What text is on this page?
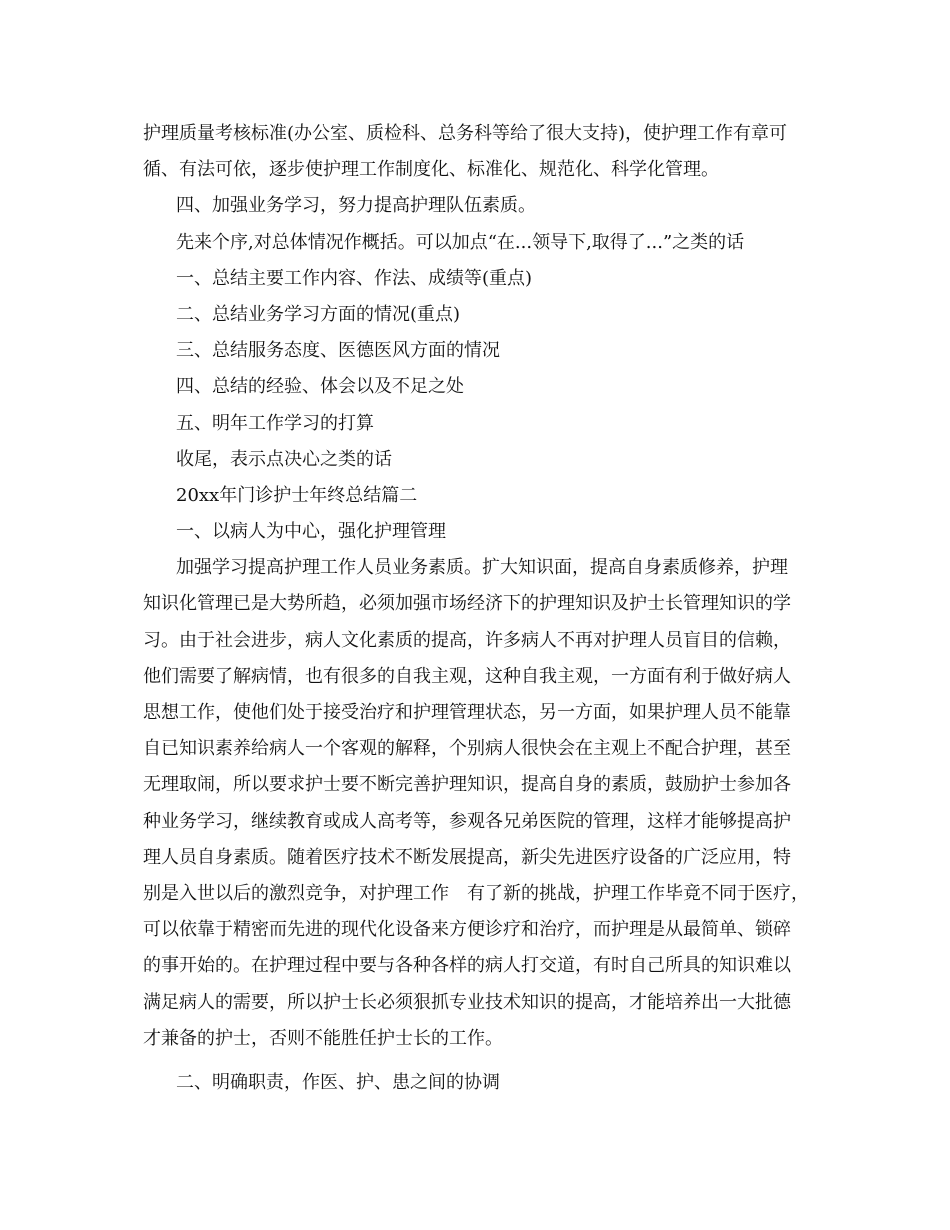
护理质量考核标准(办公室、质检科、总务科等给了很大支持)，使护理工作有章可
循、有法可依，逐步使护理工作制度化、标准化、规范化、科学化管理。
四、加强业务学习，努力提高护理队伍素质。
先来个序,对总体情况作概括。可以加点“在...领导下,取得了...”之类的话
一、总结主要工作内容、作法、成绩等(重点)
二、总结业务学习方面的情况(重点)
三、总结服务态度、医德医风方面的情况
四、总结的经验、体会以及不足之处
五、明年工作学习的打算
收尾，表示点决心之类的话
20xx年门诊护士年终总结篇二
一、以病人为中心，强化护理管理
加强学习提高护理工作人员业务素质。扩大知识面，提高自身素质修养，护理
知识化管理已是大势所趋，必须加强市场经济下的护理知识及护士长管理知识的学
习。由于社会进步，病人文化素质的提高，许多病人不再对护理人员盲目的信赖，
他们需要了解病情，也有很多的自我主观，这种自我主观，一方面有利于做好病人
思想工作，使他们处于接受治疗和护理管理状态，另一方面，如果护理人员不能靠
自已知识素养给病人一个客观的解释，个别病人很快会在主观上不配合护理，甚至
无理取闹，所以要求护士要不断完善护理知识，提高自身的素质，鼓励护士参加各
种业务学习，继续教育或成人高考等，参观各兄弟医院的管理，这样才能够提高护
理人员自身素质。随着医疗技术不断发展提高，新尖先进医疗设备的广泛应用，特
别是入世以后的激烈竞争，对护理工作　有了新的挑战，护理工作毕竟不同于医疗，
可以依靠于精密而先进的现代化设备来方便诊疗和治疗，而护理是从最简单、锁碎
的事开始的。在护理过程中要与各种各样的病人打交道，有时自己所具的知识难以
满足病人的需要，所以护士长必须狠抓专业技术知识的提高，才能培养出一大批德
才兼备的护士，否则不能胜任护士长的工作。
二、明确职责，作医、护、患之间的协调
